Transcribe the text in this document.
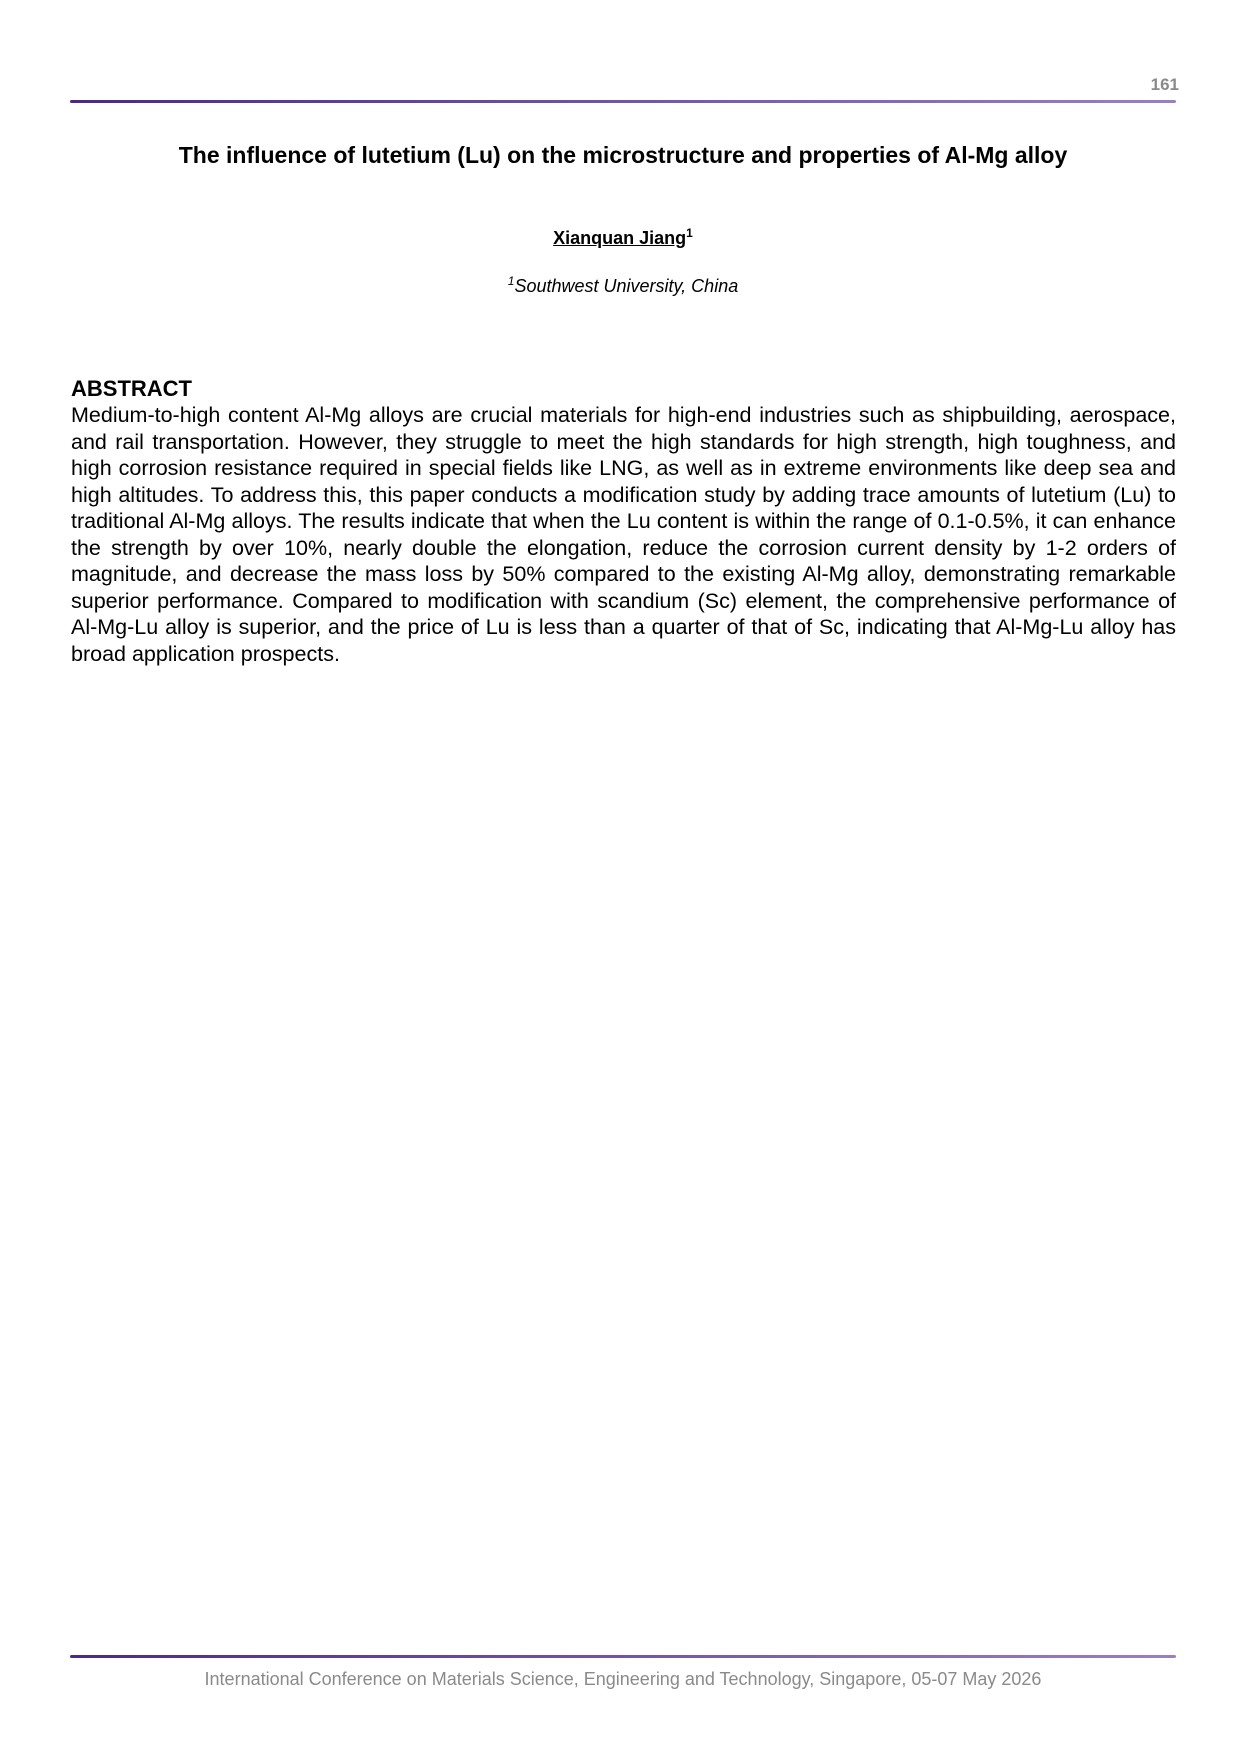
161
The influence of lutetium (Lu) on the microstructure and properties of Al-Mg alloy
Xianquan Jiang$^1$
$^1$Southwest University, China
ABSTRACT

Medium-to-high content Al-Mg alloys are crucial materials for high-end industries such as shipbuilding, aerospace, and rail transportation. However, they struggle to meet the high standards for high strength, high toughness, and high corrosion resistance required in special fields like LNG, as well as in extreme environments like deep sea and high altitudes. To address this, this paper conducts a modification study by adding trace amounts of lutetium (Lu) to traditional Al-Mg alloys. The results indicate that when the Lu content is within the range of 0.1-0.5%, it can enhance the strength by over 10%, nearly double the elongation, reduce the corrosion current density by 1-2 orders of magnitude, and decrease the mass loss by 50% compared to the existing Al-Mg alloy, demonstrating remarkable superior performance. Compared to modification with scandium (Sc) element, the comprehensive performance of Al-Mg-Lu alloy is superior, and the price of Lu is less than a quarter of that of Sc, indicating that Al-Mg-Lu alloy has broad application prospects.

International Conference on Materials Science, Engineering and Technology, Singapore, 05-07 May 2026
